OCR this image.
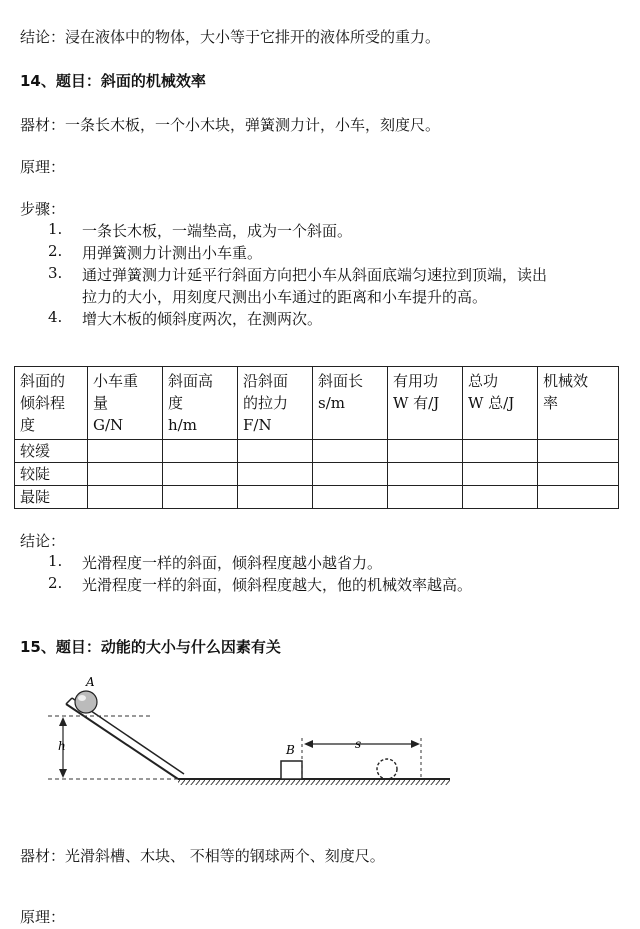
结论：浸在液体中的物体，大小等于它排开的液体所受的重力。
14、题目：斜面的机械效率
器材：一条长木板，一个小木块，弹簧测力计，小车，刻度尺。
原理：
步骤：
1. 一条长木板，一端垫高，成为一个斜面。
2. 用弹簧测力计测出小车重。
3. 通过弹簧测力计延平行斜面方向把小车从斜面底端匀速拉到顶端，读出
拉力的大小，用刻度尺测出小车通过的距离和小车提升的高。
4. 增大木板的倾斜度两次，在测两次。
斜面的
倾斜程
度	小车重
量
G/N	斜面高
度
h/m	沿斜面
的拉力
F/N	斜面长
s/m	有用功
W 有/J	总功
W 总/J	机械效
率
较缓							
较陡							
最陡							
结论：
1. 光滑程度一样的斜面，倾斜程度越小越省力。
2. 光滑程度一样的斜面，倾斜程度越大，他的机械效率越高。
15、题目：动能的大小与什么因素有关
h
A
B	s
器材：光滑斜槽、木块、 不相等的钢球两个、刻度尺。
原理：
